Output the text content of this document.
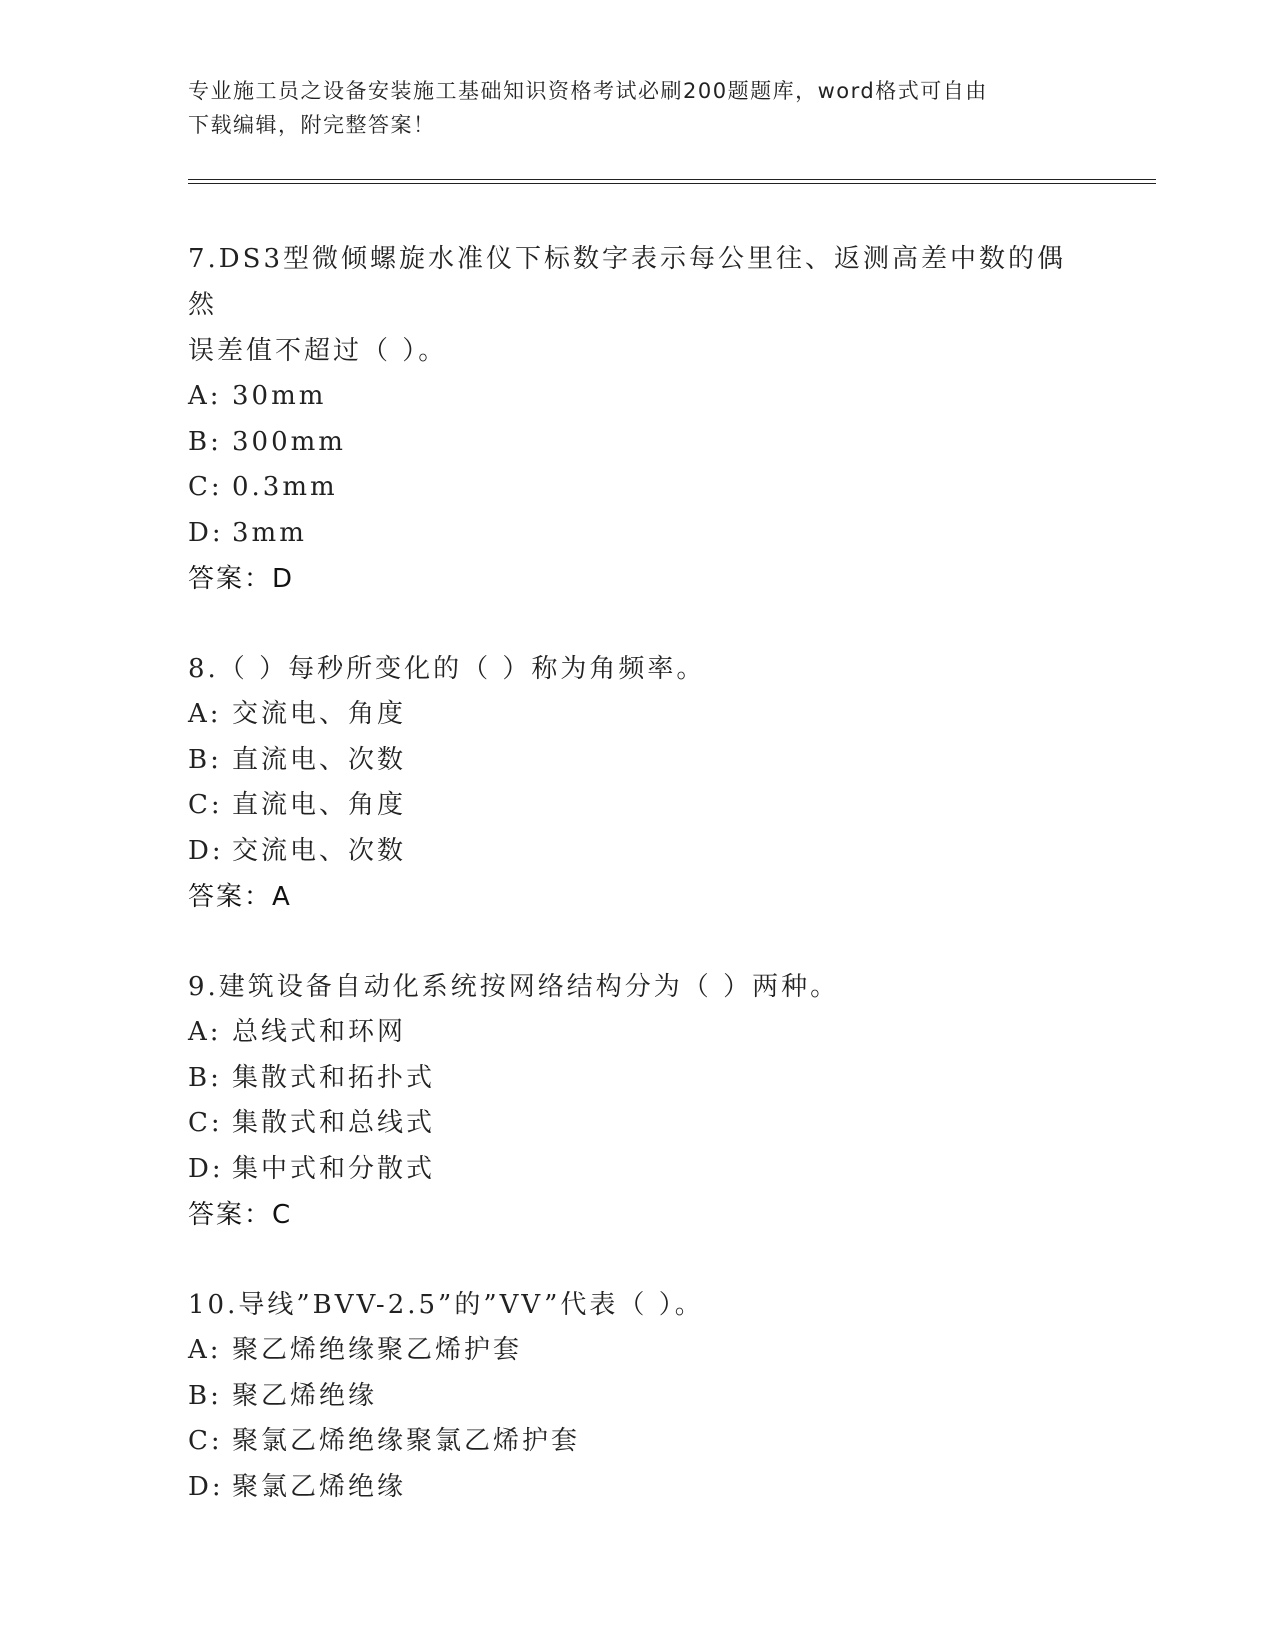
专业施工员之设备安装施工基础知识资格考试必刷200题题库，word格式可自由
下载编辑，附完整答案！
7.DS3型微倾螺旋水准仪下标数字表示每公里往、返测高差中数的偶然
误差值不超过（ ）。
A: 30mm
B: 300mm
C: 0.3mm
D: 3mm
答案：D
8.（ ）每秒所变化的（ ）称为角频率。
A: 交流电、角度
B: 直流电、次数
C: 直流电、角度
D: 交流电、次数
答案：A
9.建筑设备自动化系统按网络结构分为（ ）两种。
A: 总线式和环网
B: 集散式和拓扑式
C: 集散式和总线式
D: 集中式和分散式
答案：C
10.导线”BVV-2.5”的”VV”代表（ ）。
A: 聚乙烯绝缘聚乙烯护套
B: 聚乙烯绝缘
C: 聚氯乙烯绝缘聚氯乙烯护套
D: 聚氯乙烯绝缘
